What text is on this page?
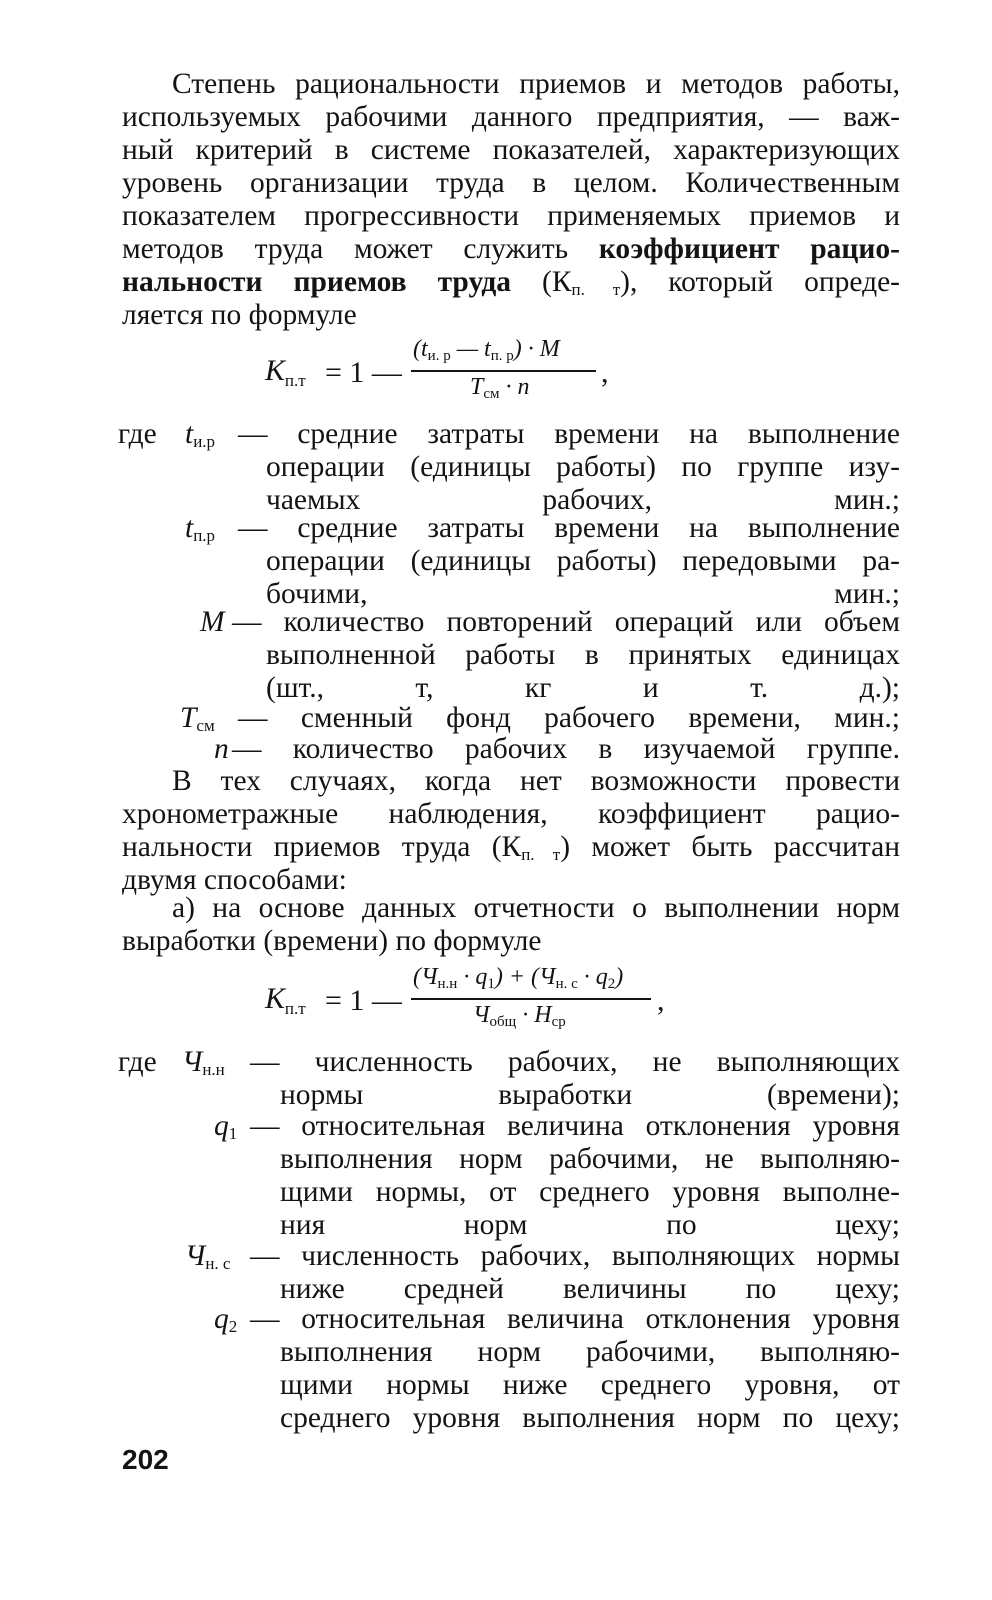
Степень рациональности приемов и методов работы,
используемых рабочими данного предприятия, — важ-
ный критерий в системе показателей, характеризующих
уровень организации труда в целом. Количественным
показателем прогрессивности применяемых приемов и
методов труда может служить коэффициент рацио-
нальности приемов труда (Кп. т), который опреде-
ляется по формуле
$К_{п.т} = 1$ —
($t_{и. р}$ — $t_{п. р}) \cdot M$
$T_{см} \cdot n$ ,
где $t_{и.р}$ — средние затраты времени на выполнение
операции (единицы работы) по группе изу-
чаемых рабочих, мин.;
$t_{п.р}$ — средние затраты времени на выполнение
операции (единицы работы) передовыми ра-
бочими, мин.;
M — количество повторений операций или объем
выполненной работы в принятых единицах
(шт., т, кг и т. д.);
$T_{см}$ — сменный фонд рабочего времени, мин.;
n — количество рабочих в изучаемой группе.
В тех случаях, когда нет возможности провести
хронометражные наблюдения, коэффициент рацио-
нальности приемов труда (Кп. т) может быть рассчитан
двумя способами:
а) на основе данных отчетности о выполнении норм
выработки (времени) по формуле
$К_{п.т} = 1$ —
$(Ч_{н.н} \cdot q_1) + (Ч_{н. с} \cdot q_2)$
$Ч_{общ} \cdot Н_{ср}$
,
где $Ч_{н.н}$ — численность рабочих, не выполняющих
нормы выработки (времени);
$q_1$ — относительная величина отклонения уровня
выполнения норм рабочими, не выполняю-
щими нормы, от среднего уровня выполне-
ния норм по цеху;
$Ч_{н. с}$ — численность рабочих, выполняющих нормы
ниже средней величины по цеху;
$q_2$ — относительная величина отклонения уровня
выполнения норм рабочими, выполняю-
щими нормы ниже среднего уровня, от
среднего уровня выполнения норм по цеху;
202
